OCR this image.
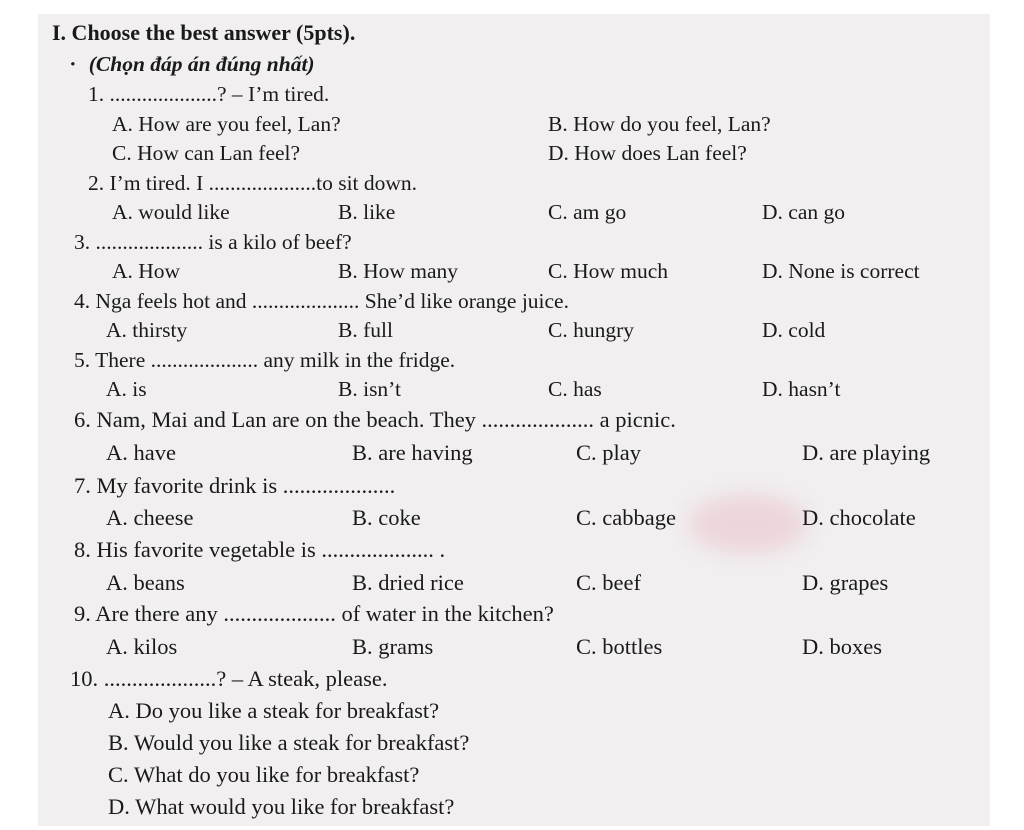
I. Choose the best answer (5pts).
· (Chọn đáp án đúng nhất)
1. ....................? – I’m tired.
A. How are you feel, Lan?	B. How do you feel, Lan?
C. How can Lan feel?	D. How does Lan feel?
2. I’m tired. I ....................to sit down.
A. would like	B. like	C. am go	D. can go
3. .................... is a kilo of beef?
A. How	B. How many	C. How much	D. None is correct
4. Nga feels hot and .................... She’d like orange juice.
A. thirsty	B. full	C. hungry	D. cold
5. There .................... any milk in the fridge.
A. is	B. isn’t	C. has	D. hasn’t
6. Nam, Mai and Lan are on the beach. They .................... a picnic.
A. have	B. are having	C. play	D. are playing
7. My favorite drink is ....................
A. cheese	B. coke	C. cabbage	D. chocolate
8. His favorite vegetable is .................... .
A. beans	B. dried rice	C. beef	D. grapes
9. Are there any .................... of water in the kitchen?
A. kilos	B. grams	C. bottles	D. boxes
10. ....................? – A steak, please.
A. Do you like a steak for breakfast?
B. Would you like a steak for breakfast?
C. What do you like for breakfast?
D. What would you like for breakfast?
